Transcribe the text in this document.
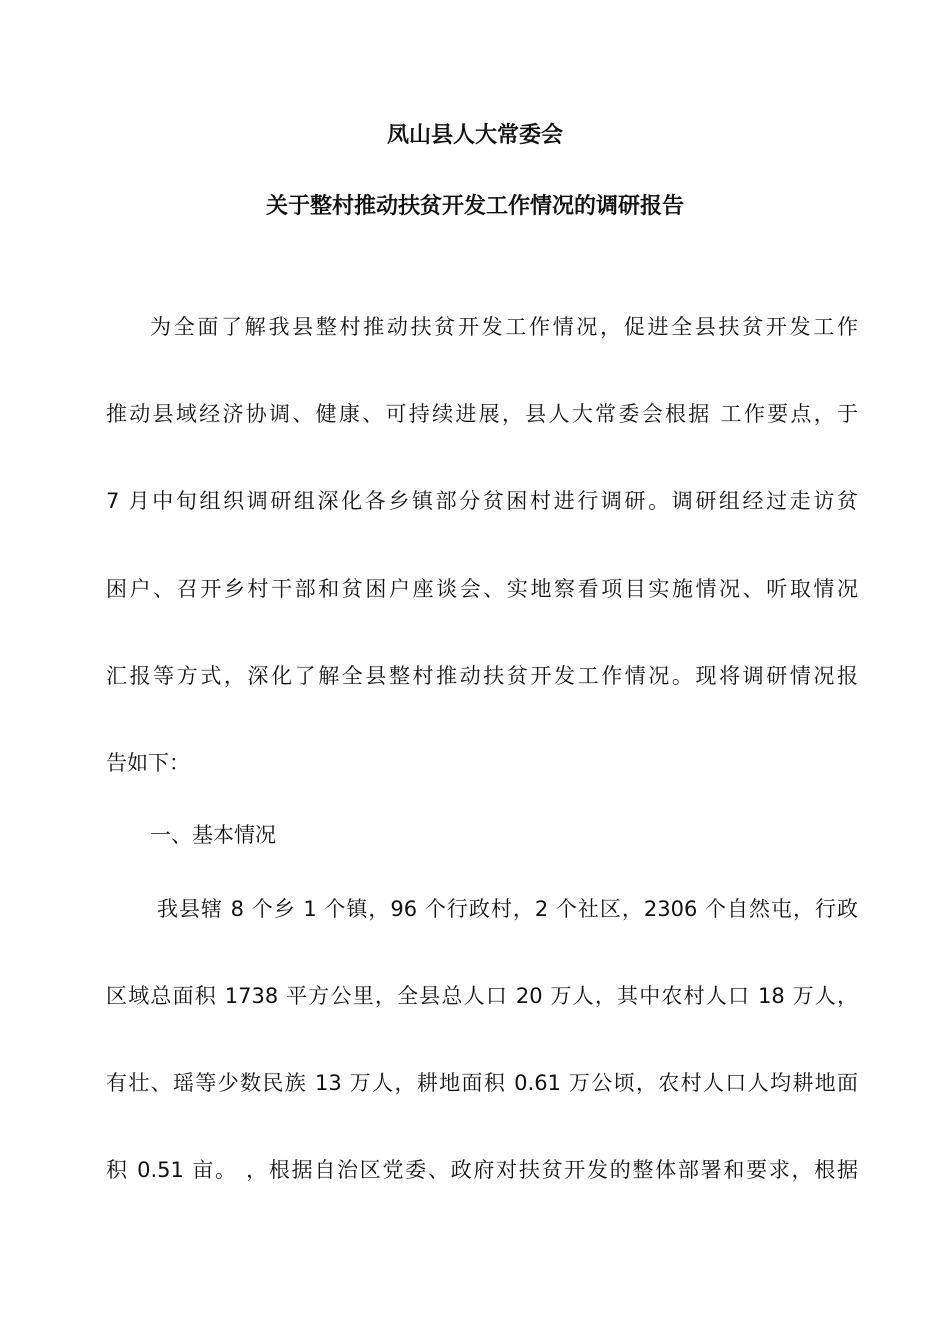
凤山县人大常委会
关于整村推动扶贫开发工作情况的调研报告
为全面了解我县整村推动扶贫开发工作情况，促进全县扶贫开发工作
推动县域经济协调、健康、可持续进展，县人大常委会根据 工作要点，于
7 月中旬组织调研组深化各乡镇部分贫困村进行调研。调研组经过走访贫
困户、召开乡村干部和贫困户座谈会、实地察看项目实施情况、听取情况
汇报等方式，深化了解全县整村推动扶贫开发工作情况。现将调研情况报
告如下：
一、基本情况
我县辖 8 个乡 1 个镇，96 个行政村，2 个社区，2306 个自然屯，行政
区域总面积 1738 平方公里，全县总人口 20 万人，其中农村人口 18 万人，
有壮、瑶等少数民族 13 万人，耕地面积 0.61 万公顷，农村人口人均耕地面
积 0.51 亩。 ，根据自治区党委、政府对扶贫开发的整体部署和要求，根据
